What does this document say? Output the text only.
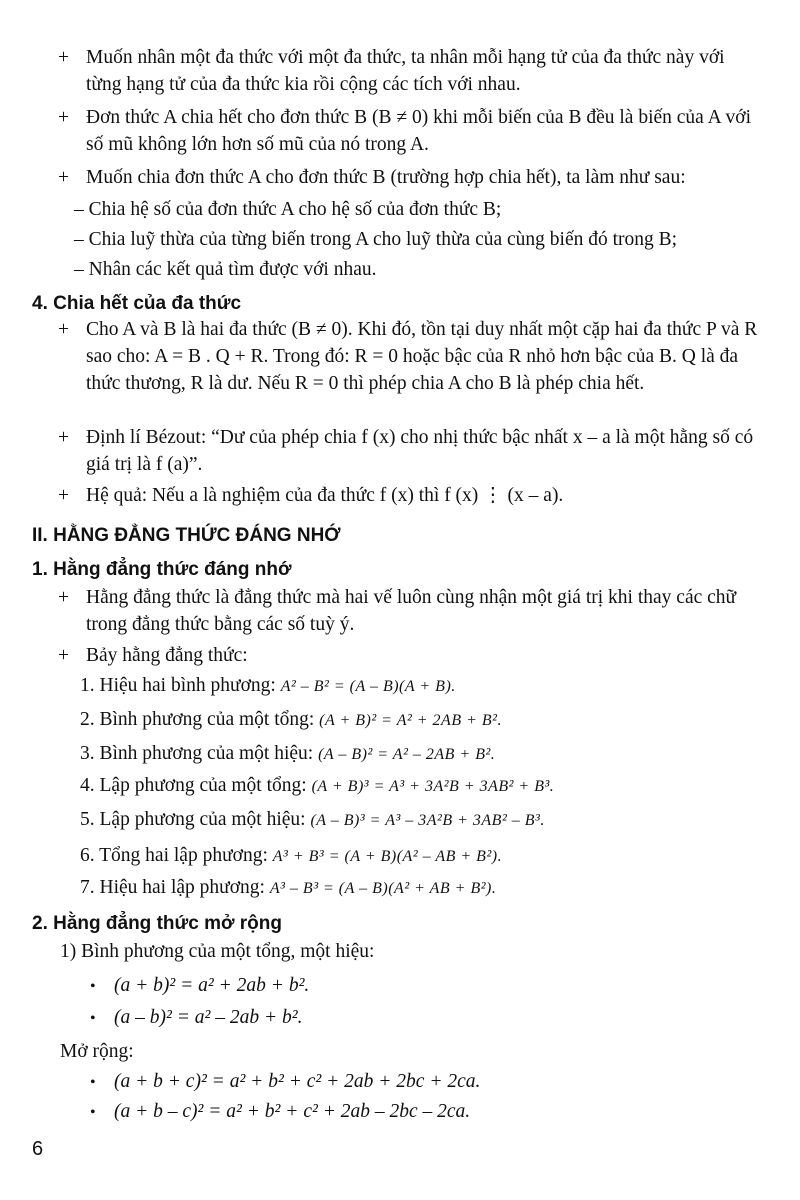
+ Muốn nhân một đa thức với một đa thức, ta nhân mỗi hạng tử của đa thức này với từng hạng tử của đa thức kia rồi cộng các tích với nhau.
+ Đơn thức A chia hết cho đơn thức B (B ≠ 0) khi mỗi biến của B đều là biến của A với số mũ không lớn hơn số mũ của nó trong A.
+ Muốn chia đơn thức A cho đơn thức B (trường hợp chia hết), ta làm như sau:
– Chia hệ số của đơn thức A cho hệ số của đơn thức B;
– Chia luỹ thừa của từng biến trong A cho luỹ thừa của cùng biến đó trong B;
– Nhân các kết quả tìm được với nhau.
4. Chia hết của đa thức
+ Cho A và B là hai đa thức (B ≠ 0). Khi đó, tồn tại duy nhất một cặp hai đa thức P và R sao cho: A = B . Q + R. Trong đó: R = 0 hoặc bậc của R nhỏ hơn bậc của B. Q là đa thức thương, R là dư. Nếu R = 0 thì phép chia A cho B là phép chia hết.
+ Định lí Bézout: “Dư của phép chia f (x) cho nhị thức bậc nhất x – a là một hằng số có giá trị là f (a)”.
+ Hệ quả: Nếu a là nghiệm của đa thức f (x) thì f (x) ⋮ (x – a).
II. HẰNG ĐẲNG THỨC ĐÁNG NHỚ
1. Hằng đẳng thức đáng nhớ
+ Hằng đẳng thức là đẳng thức mà hai vế luôn cùng nhận một giá trị khi thay các chữ trong đẳng thức bằng các số tuỳ ý.
+ Bảy hằng đẳng thức:
1. Hiệu hai bình phương: A² – B² = (A – B)(A + B).
2. Bình phương của một tổng: (A + B)² = A² + 2AB + B².
3. Bình phương của một hiệu: (A – B)² = A² – 2AB + B².
4. Lập phương của một tổng: (A + B)³ = A³ + 3A²B + 3AB² + B³.
5. Lập phương của một hiệu: (A – B)³ = A³ – 3A²B + 3AB² – B³.
6. Tổng hai lập phương: A³ + B³ = (A + B)(A² – AB + B²).
7. Hiệu hai lập phương: A³ – B³ = (A – B)(A² + AB + B²).
2. Hằng đẳng thức mở rộng
1) Bình phương của một tổng, một hiệu:
• (a + b)² = a² + 2ab + b².
• (a – b)² = a² – 2ab + b².
Mở rộng:
• (a + b + c)² = a² + b² + c² + 2ab + 2bc + 2ca.
• (a + b – c)² = a² + b² + c² + 2ab – 2bc – 2ca.
6
